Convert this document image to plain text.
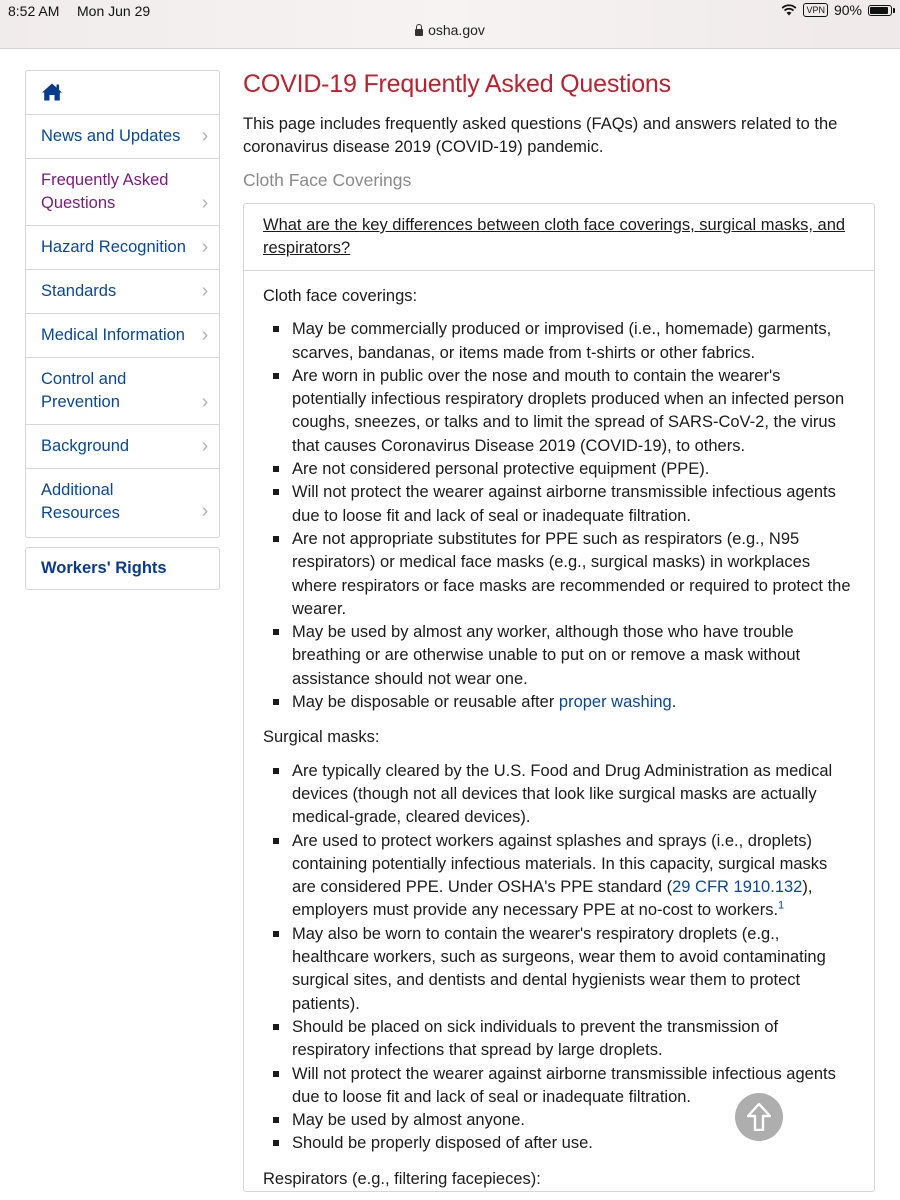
8:52 AM Mon Jun 29	VPN 90%
osha.gov
News and Updates ›
Frequently Asked Questions	›
Hazard Recognition ›
Standards	›
Medical Information ›
Control and Prevention	›
Background	›
Additional Resources	›
Workers' Rights
COVID-19 Frequently Asked Questions

This page includes frequently asked questions (FAQs) and answers related to the coronavirus disease 2019 (COVID-19) pandemic.

Cloth Face Coverings
What are the key differences between cloth face coverings, surgical masks, and respirators?

Cloth face coverings:

May be commercially produced or improvised (i.e., homemade) garments, scarves, bandanas, or items made from t-shirts or other fabrics.
Are worn in public over the nose and mouth to contain the wearer's potentially infectious respiratory droplets produced when an infected person coughs, sneezes, or talks and to limit the spread of SARS-CoV-2, the virus that causes Coronavirus Disease 2019 (COVID-19), to others.
Are not considered personal protective equipment (PPE).
Will not protect the wearer against airborne transmissible infectious agents due to loose fit and lack of seal or inadequate filtration.
Are not appropriate substitutes for PPE such as respirators (e.g., N95 respirators) or medical face masks (e.g., surgical masks) in workplaces where respirators or face masks are recommended or required to protect the wearer.
May be used by almost any worker, although those who have trouble breathing or are otherwise unable to put on or remove a mask without assistance should not wear one.
May be disposable or reusable after proper washing.

Surgical masks:

Are typically cleared by the U.S. Food and Drug Administration as medical devices (though not all devices that look like surgical masks are actually medical-grade, cleared devices).
Are used to protect workers against splashes and sprays (i.e., droplets) containing potentially infectious materials. In this capacity, surgical masks are considered PPE. Under OSHA's PPE standard (29 CFR 1910.132), employers must provide any necessary PPE at no-cost to workers.$^1$
May also be worn to contain the wearer's respiratory droplets (e.g., healthcare workers, such as surgeons, wear them to avoid contaminating surgical sites, and dentists and dental hygienists wear them to protect patients).
Should be placed on sick individuals to prevent the transmission of respiratory infections that spread by large droplets.
Will not protect the wearer against airborne transmissible infectious agents due to loose fit and lack of seal or inadequate filtration.
May be used by almost anyone.
Should be properly disposed of after use.

Respirators (e.g., filtering facepieces):
